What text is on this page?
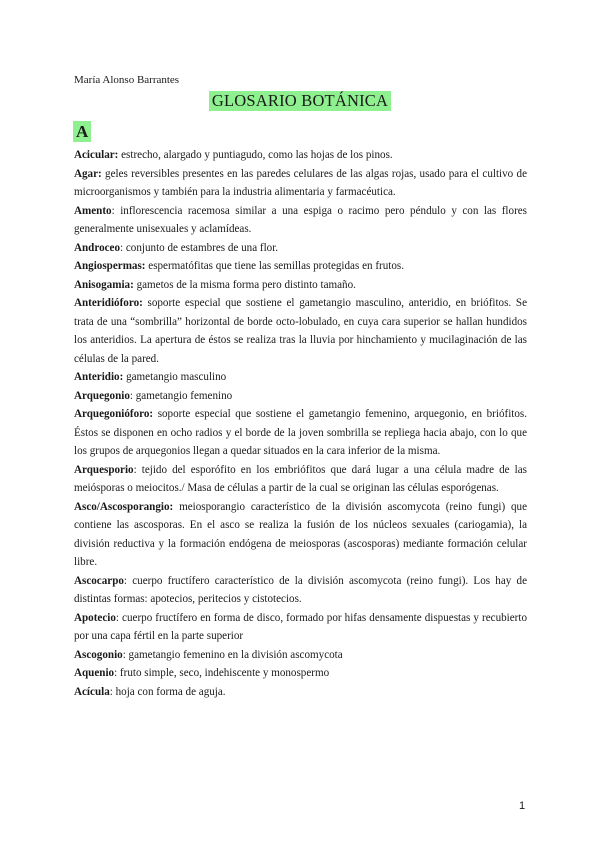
María Alonso Barrantes
GLOSARIO BOTÁNICA
A

Acicular: estrecho, alargado y puntiagudo, como las hojas de los pinos.

Agar: geles reversibles presentes en las paredes celulares de las algas rojas, usado para el cultivo de microorganismos y también para la industria alimentaria y farmacéutica.

Amento: inflorescencia racemosa similar a una espiga o racimo pero péndulo y con las flores generalmente unisexuales y aclamídeas.

Androceo: conjunto de estambres de una flor.

Angiospermas: espermatófitas que tiene las semillas protegidas en frutos.

Anisogamia: gametos de la misma forma pero distinto tamaño.

Anteridióforo: soporte especial que sostiene el gametangio masculino, anteridio, en briófitos. Se trata de una “sombrilla” horizontal de borde octo-lobulado, en cuya cara superior se hallan hundidos los anteridios. La apertura de éstos se realiza tras la lluvia por hinchamiento y mucilaginación de las células de la pared.

Anteridio: gametangio masculino

Arquegonio: gametangio femenino

Arquegonióforo: soporte especial que sostiene el gametangio femenino, arquegonio, en briófitos. Éstos se disponen en ocho radios y el borde de la joven sombrilla se repliega hacia abajo, con lo que los grupos de arquegonios llegan a quedar situados en la cara inferior de la misma.

Arquesporio: tejido del esporófito en los embriófitos que dará lugar a una célula madre de las meiósporas o meiocitos./ Masa de células a partir de la cual se originan las células esporógenas.

Asco/Ascosporangio: meiosporangio característico de la división ascomycota (reino fungi) que contiene las ascosporas. En el asco se realiza la fusión de los núcleos sexuales (cariogamia), la división reductiva y la formación endógena de meiosporas (ascosporas) mediante formación celular libre.

Ascocarpo: cuerpo fructífero característico de la división ascomycota (reino fungi). Los hay de distintas formas: apotecios, peritecios y cistotecios.

Apotecio: cuerpo fructífero en forma de disco, formado por hifas densamente dispuestas y recubierto por una capa fértil en la parte superior

Ascogonio: gametangio femenino en la división ascomycota

Aquenio: fruto simple, seco, indehiscente y monospermo

Acícula: hoja con forma de aguja.

1
